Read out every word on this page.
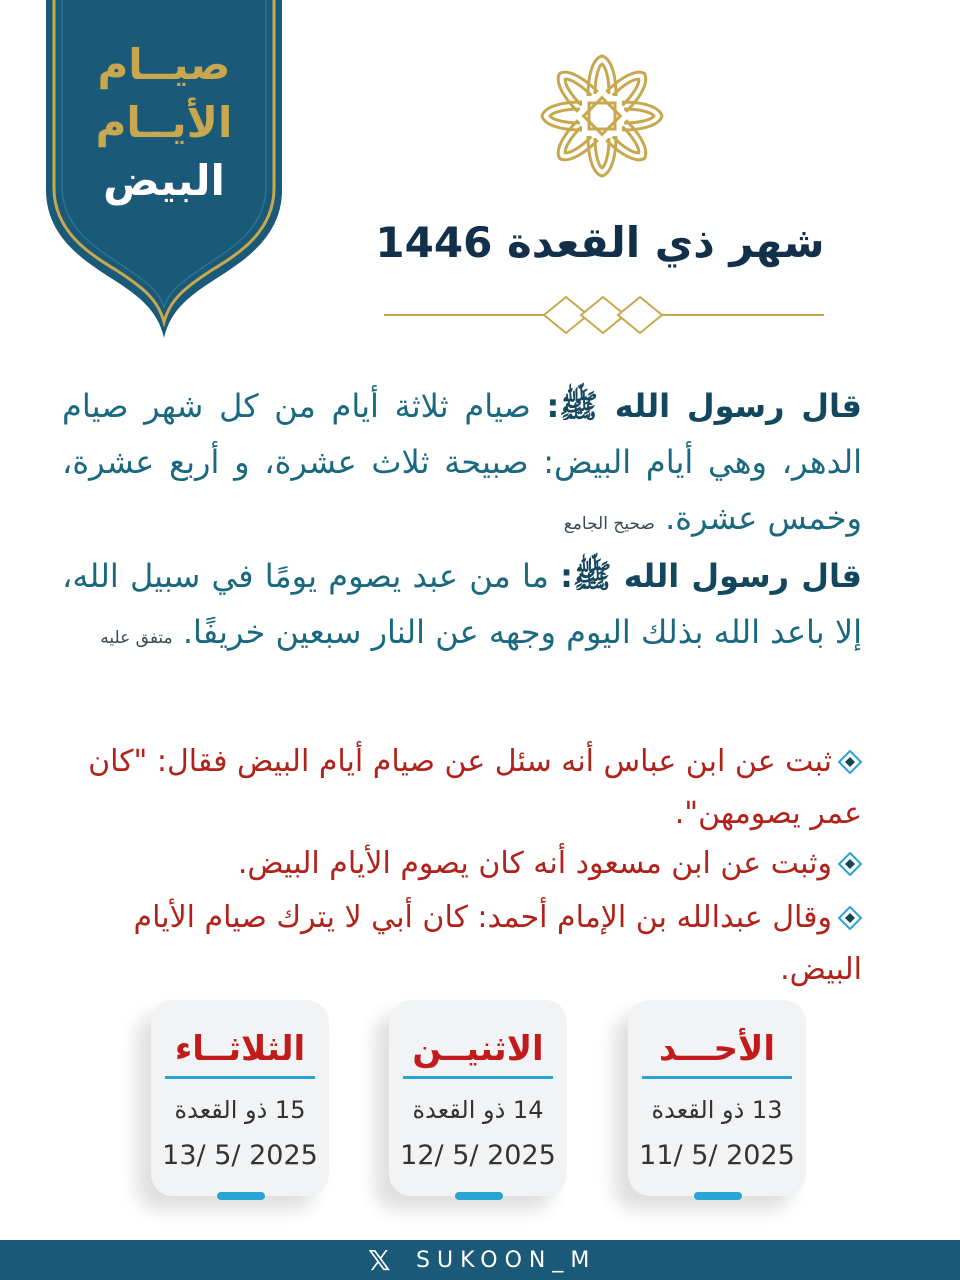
صيــام
الأيــام
البيض
شهر ذي القعدة 1446
قال رسول الله ﷺ: صيام ثلاثة أيام من كل شهر صيام الدهر، وهي أيام البيض: صبيحة ثلاث عشرة، و أربع عشرة، وخمس عشرة. صحيح الجامع
قال رسول الله ﷺ: ما من عبد يصوم يومًا في سبيل الله، إلا باعد الله بذلك اليوم وجهه عن النار سبعين خريفًا. متفق عليه
ثبت عن ابن عباس أنه سئل عن صيام أيام البيض فقال: "كان عمر يصومهن".
وثبت عن ابن مسعود أنه كان يصوم الأيام البيض.
وقال عبدالله بن الإمام أحمد: كان أبي لا يترك صيام الأيام البيض.
الأحـــد
13 ذو القعدة
2025 /5 /11
الاثنيــن
14 ذو القعدة
2025 /5 /12
الثلاثــاء
15 ذو القعدة
2025 /5 /13
𝕏 SUKOON_M
